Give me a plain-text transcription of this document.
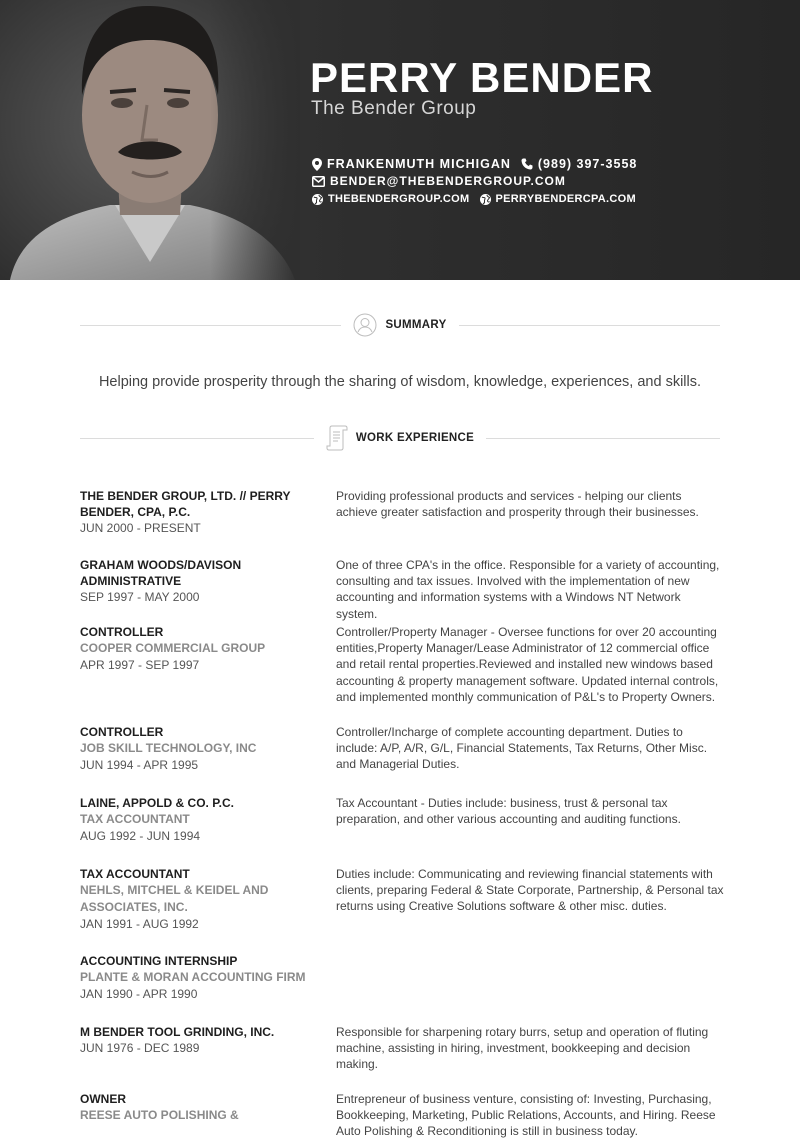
PERRY BENDER
The Bender Group
FRANKENMUTH MICHIGAN (989) 397-3558
BENDER@THEBENDERGROUP.COM
THEBENDERGROUP.COM PERRYBENDERCPA.COM
SUMMARY
Helping provide prosperity through the sharing of wisdom, knowledge, experiences, and skills.
WORK EXPERIENCE
THE BENDER GROUP, LTD. // PERRY BENDER, CPA, P.C.
JUN 2000 - PRESENT
Providing professional products and services - helping our clients achieve greater satisfaction and prosperity through their businesses.
GRAHAM WOODS/DAVISON ADMINISTRATIVE
SEP 1997 - MAY 2000
One of three CPA's in the office. Responsible for a variety of accounting, consulting and tax issues. Involved with the implementation of new accounting and information systems with a Windows NT Network system.
CONTROLLER
COOPER COMMERCIAL GROUP
APR 1997 - SEP 1997
Controller/Property Manager - Oversee functions for over 20 accounting entities,Property Manager/Lease Administrator of 12 commercial office and retail rental properties.Reviewed and installed new windows based accounting & property management software. Updated internal controls, and implemented monthly communication of P&L's to Property Owners.
CONTROLLER
JOB SKILL TECHNOLOGY, INC
JUN 1994 - APR 1995
Controller/Incharge of complete accounting department. Duties to include: A/P, A/R, G/L, Financial Statements, Tax Returns, Other Misc. and Managerial Duties.
LAINE, APPOLD & CO. P.C.
TAX ACCOUNTANT
AUG 1992 - JUN 1994
Tax Accountant - Duties include: business, trust & personal tax preparation, and other various accounting and auditing functions.
TAX ACCOUNTANT
NEHLS, MITCHEL & KEIDEL AND ASSOCIATES, INC.
JAN 1991 - AUG 1992
Duties include: Communicating and reviewing financial statements with clients, preparing Federal & State Corporate, Partnership, & Personal tax returns using Creative Solutions software & other misc. duties.
ACCOUNTING INTERNSHIP
PLANTE & MORAN ACCOUNTING FIRM
JAN 1990 - APR 1990
M BENDER TOOL GRINDING, INC.
JUN 1976 - DEC 1989
Responsible for sharpening rotary burrs, setup and operation of fluting machine, assisting in hiring, investment, bookkeeping and decision making.
OWNER
REESE AUTO POLISHING &
Entrepreneur of business venture, consisting of: Investing, Purchasing, Bookkeeping, Marketing, Public Relations, Accounts, and Hiring. Reese Auto Polishing & Reconditioning is still in business today.
